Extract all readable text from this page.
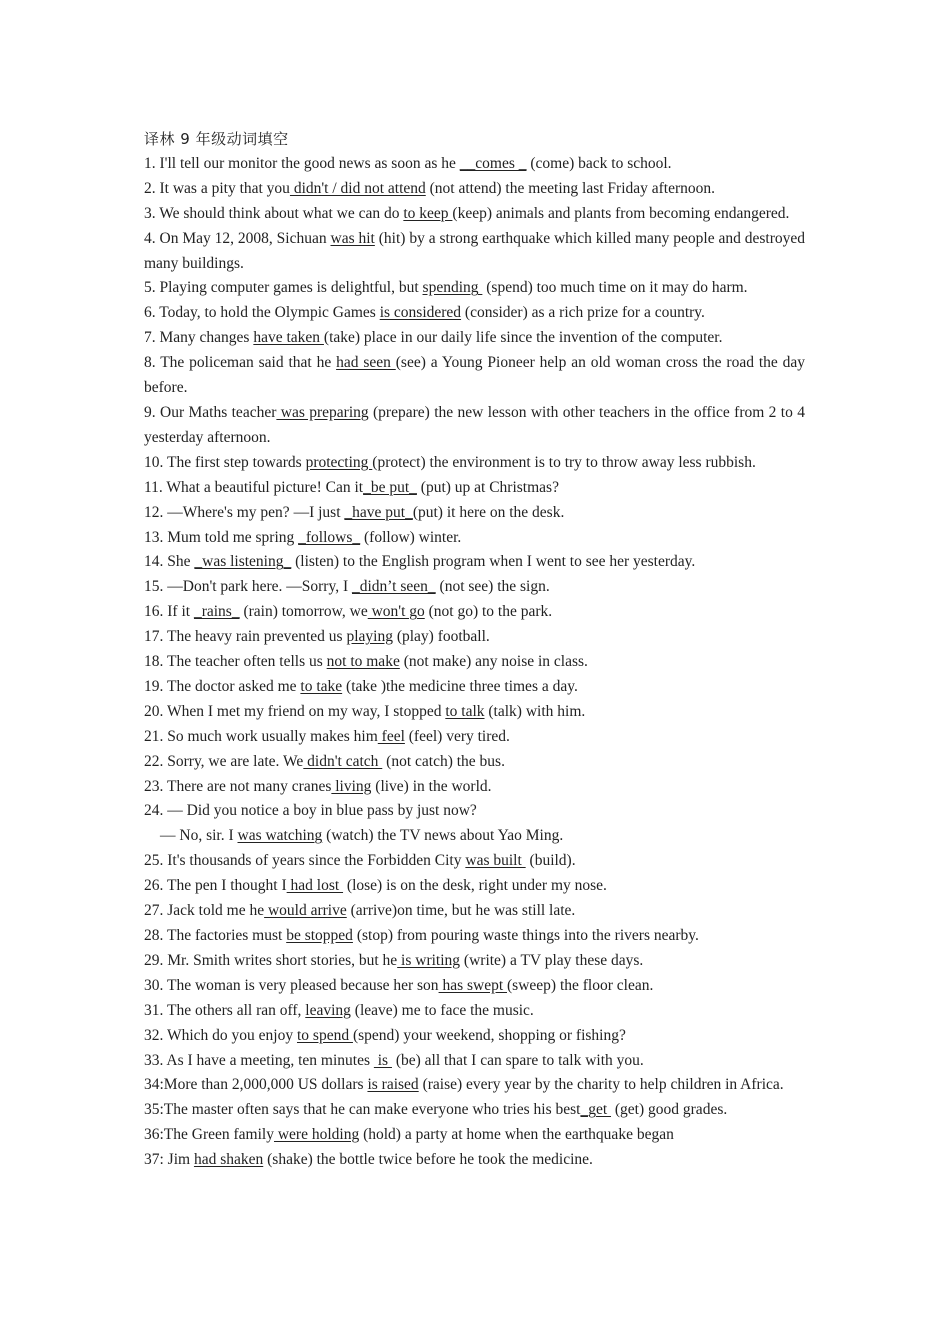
译林 9 年级动词填空
1. I'll tell our monitor the good news as soon as he __comes _ (come) back to school.
2. It was a pity that you didn't / did not attend (not attend) the meeting last Friday afternoon.
3. We should think about what we can do to keep (keep) animals and plants from becoming endangered.
4. On May 12, 2008, Sichuan was hit (hit) by a strong earthquake which killed many people and destroyed many buildings.
5. Playing computer games is delightful, but spending  (spend) too much time on it may do harm.
6. Today, to hold the Olympic Games is considered (consider) as a rich prize for a country.
7. Many changes have taken (take) place in our daily life since the invention of the computer.
8. The policeman said that he had seen (see) a Young Pioneer help an old woman cross the road the day before.
9. Our Maths teacher was preparing (prepare) the new lesson with other teachers in the office from 2 to 4 yesterday afternoon.
10. The first step towards protecting (protect) the environment is to try to throw away less rubbish.
11. What a beautiful picture! Can it_be put_ (put) up at Christmas?
12. —Where's my pen? —I just _have put_(put) it here on the desk.
13. Mum told me spring _follows_ (follow) winter.
14. She _was listening_ (listen) to the English program when I went to see her yesterday.
15. —Don't park here. —Sorry, I _didn’t seen_ (not see) the sign.
16. If it _rains_ (rain) tomorrow, we won't go (not go) to the park.
17. The heavy rain prevented us playing (play) football.
18. The teacher often tells us not to make (not make) any noise in class.
19. The doctor asked me to take (take )the medicine three times a day.
20. When I met my friend on my way, I stopped to talk (talk) with him.
21. So much work usually makes him feel (feel) very tired.
22. Sorry, we are late. We didn't catch  (not catch) the bus.
23. There are not many cranes living (live) in the world.
24. — Did you notice a boy in blue pass by just now?
— No, sir. I was watching (watch) the TV news about Yao Ming.
25. It's thousands of years since the Forbidden City was built  (build).
26. The pen I thought I had lost  (lose) is on the desk, right under my nose.
27. Jack told me he would arrive (arrive)on time, but he was still late.
28. The factories must be stopped (stop) from pouring waste things into the rivers nearby.
29. Mr. Smith writes short stories, but he is writing (write) a TV play these days.
30. The woman is very pleased because her son has swept (sweep) the floor clean.
31. The others all ran off, leaving (leave) me to face the music.
32. Which do you enjoy to spend (spend) your weekend, shopping or fishing?
33. As I have a meeting, ten minutes  is  (be) all that I can spare to talk with you.
34:More than 2,000,000 US dollars is raised (raise) every year by the charity to help children in Africa.
35:The master often says that he can make everyone who tries his best_get  (get) good grades.
36:The Green family were holding (hold) a party at home when the earthquake began
37: Jim had shaken (shake) the bottle twice before he took the medicine.
